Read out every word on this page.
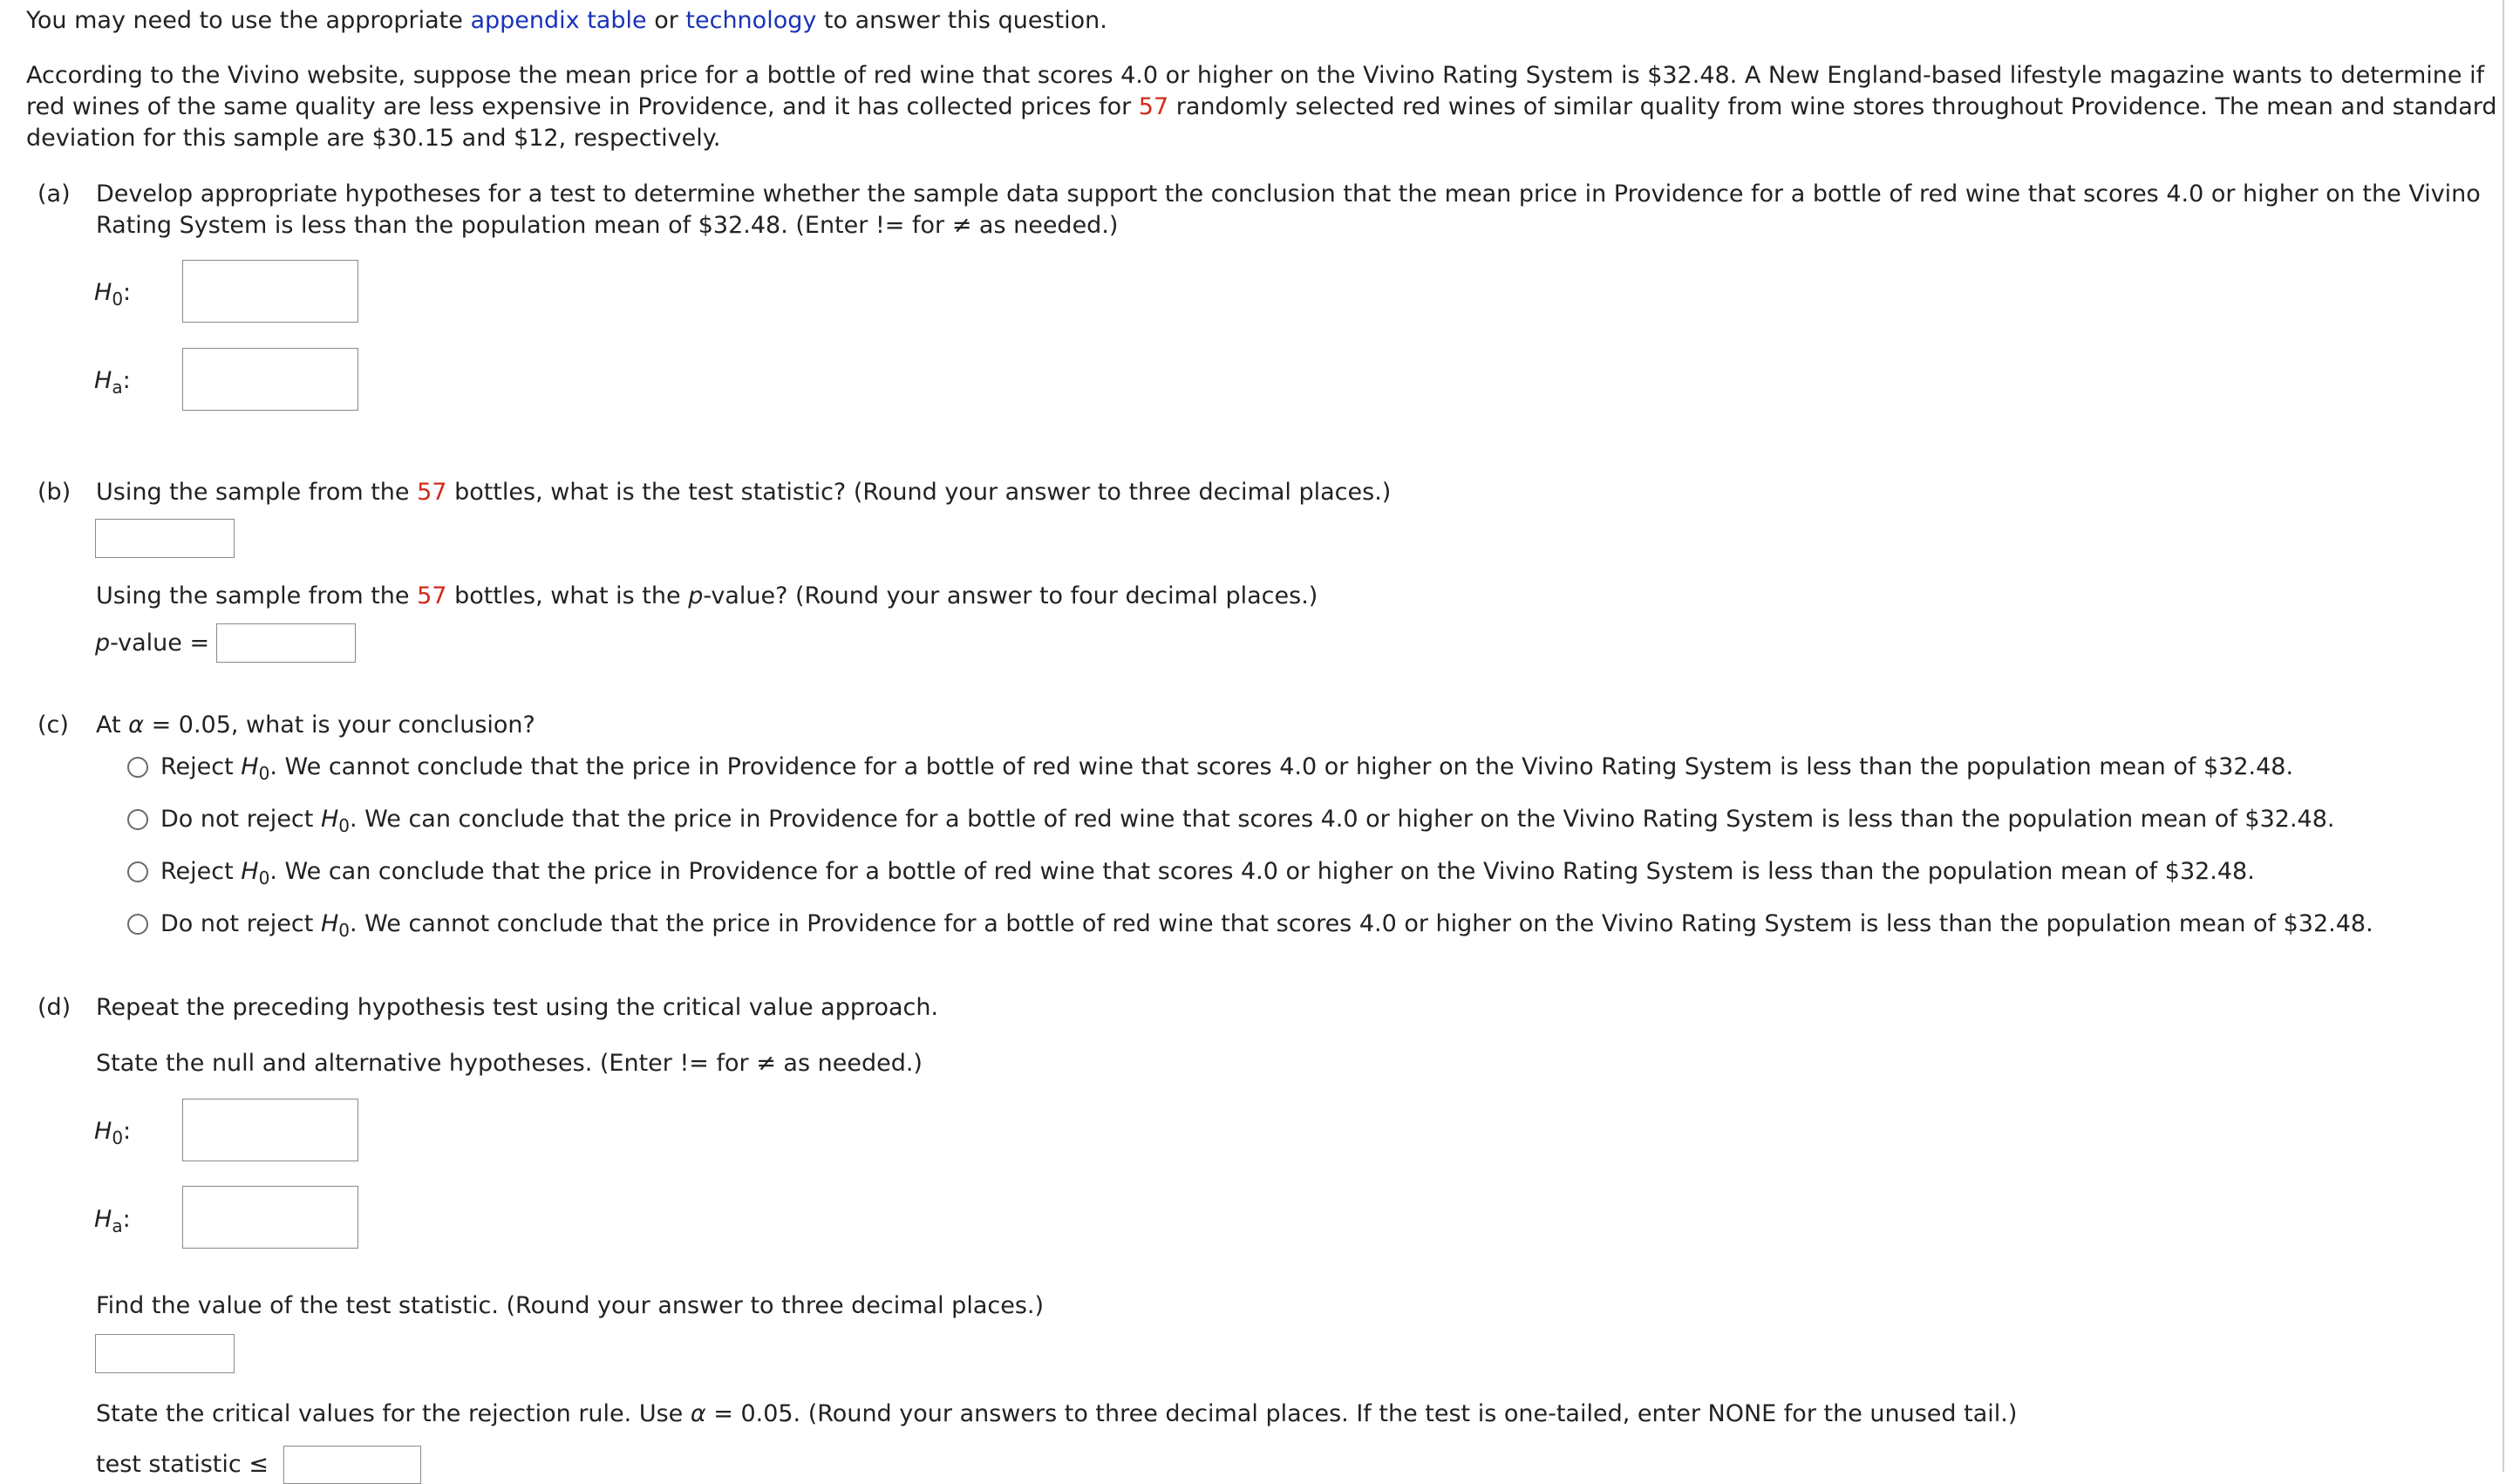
You may need to use the appropriate appendix table or technology to answer this question.
According to the Vivino website, suppose the mean price for a bottle of red wine that scores 4.0 or higher on the Vivino Rating System is $32.48. A New England-based lifestyle magazine wants to determine if
red wines of the same quality are less expensive in Providence, and it has collected prices for 57 randomly selected red wines of similar quality from wine stores throughout Providence. The mean and standard
deviation for this sample are $30.15 and $12, respectively.
(a) Develop appropriate hypotheses for a test to determine whether the sample data support the conclusion that the mean price in Providence for a bottle of red wine that scores 4.0 or higher on the Vivino
Rating System is less than the population mean of $32.48. (Enter != for ≠ as needed.)
$H_0$:
$H_a$:
(b) Using the sample from the 57 bottles, what is the test statistic? (Round your answer to three decimal places.)
Using the sample from the 57 bottles, what is the p-value? (Round your answer to four decimal places.)
p-value =
(c) At α = 0.05, what is your conclusion?
Reject $H_0$. We cannot conclude that the price in Providence for a bottle of red wine that scores 4.0 or higher on the Vivino Rating System is less than the population mean of $32.48.
Do not reject $H_0$. We can conclude that the price in Providence for a bottle of red wine that scores 4.0 or higher on the Vivino Rating System is less than the population mean of $32.48.
Reject $H_0$. We can conclude that the price in Providence for a bottle of red wine that scores 4.0 or higher on the Vivino Rating System is less than the population mean of $32.48.
Do not reject $H_0$. We cannot conclude that the price in Providence for a bottle of red wine that scores 4.0 or higher on the Vivino Rating System is less than the population mean of $32.48.
(d) Repeat the preceding hypothesis test using the critical value approach.
State the null and alternative hypotheses. (Enter != for ≠ as needed.)
$H_0$:
$H_a$:
Find the value of the test statistic. (Round your answer to three decimal places.)
State the critical values for the rejection rule. Use α = 0.05. (Round your answers to three decimal places. If the test is one-tailed, enter NONE for the unused tail.)
test statistic ≤
